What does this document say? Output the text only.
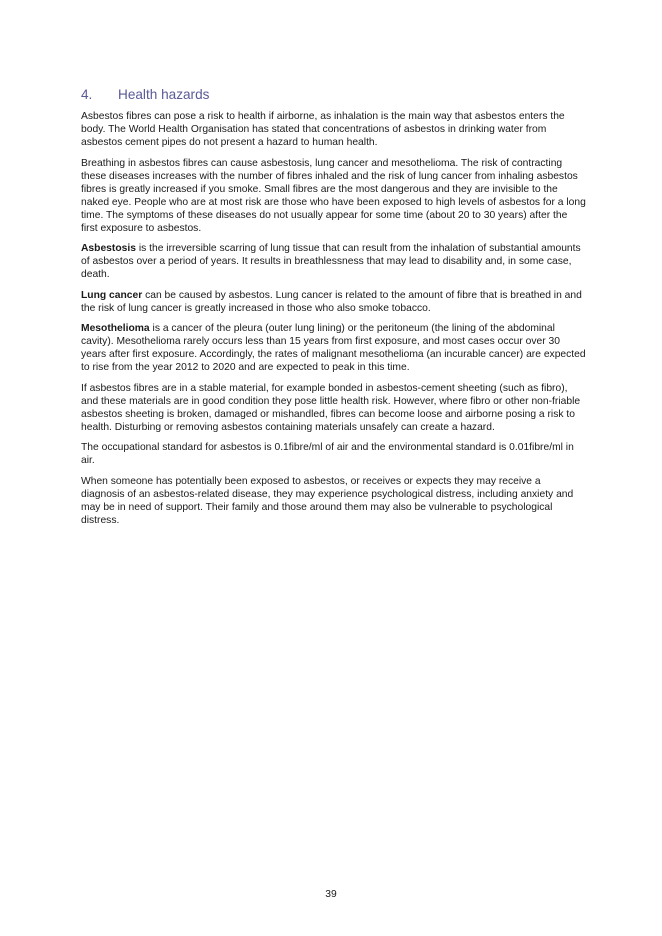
4.	Health hazards

Asbestos fibres can pose a risk to health if airborne, as inhalation is the main way that asbestos enters the body. The World Health Organisation has stated that concentrations of asbestos in drinking water from asbestos cement pipes do not present a hazard to human health.

Breathing in asbestos fibres can cause asbestosis, lung cancer and mesothelioma. The risk of contracting these diseases increases with the number of fibres inhaled and the risk of lung cancer from inhaling asbestos fibres is greatly increased if you smoke. Small fibres are the most dangerous and they are invisible to the naked eye. People who are at most risk are those who have been exposed to high levels of asbestos for a long time. The symptoms of these diseases do not usually appear for some time (about 20 to 30 years) after the first exposure to asbestos.

Asbestosis is the irreversible scarring of lung tissue that can result from the inhalation of substantial amounts of asbestos over a period of years. It results in breathlessness that may lead to disability and, in some case, death.

Lung cancer can be caused by asbestos. Lung cancer is related to the amount of fibre that is breathed in and the risk of lung cancer is greatly increased in those who also smoke tobacco.

Mesothelioma is a cancer of the pleura (outer lung lining) or the peritoneum (the lining of the abdominal cavity). Mesothelioma rarely occurs less than 15 years from first exposure, and most cases occur over 30 years after first exposure. Accordingly, the rates of malignant mesothelioma (an incurable cancer) are expected to rise from the year 2012 to 2020 and are expected to peak in this time.

If asbestos fibres are in a stable material, for example bonded in asbestos-cement sheeting (such as fibro), and these materials are in good condition they pose little health risk. However, where fibro or other non-friable asbestos sheeting is broken, damaged or mishandled, fibres can become loose and airborne posing a risk to health. Disturbing or removing asbestos containing materials unsafely can create a hazard.

The occupational standard for asbestos is 0.1fibre/ml of air and the environmental standard is 0.01fibre/ml in air.

When someone has potentially been exposed to asbestos, or receives or expects they may receive a diagnosis of an asbestos-related disease, they may experience psychological distress, including anxiety and may be in need of support. Their family and those around them may also be vulnerable to psychological distress.

39
